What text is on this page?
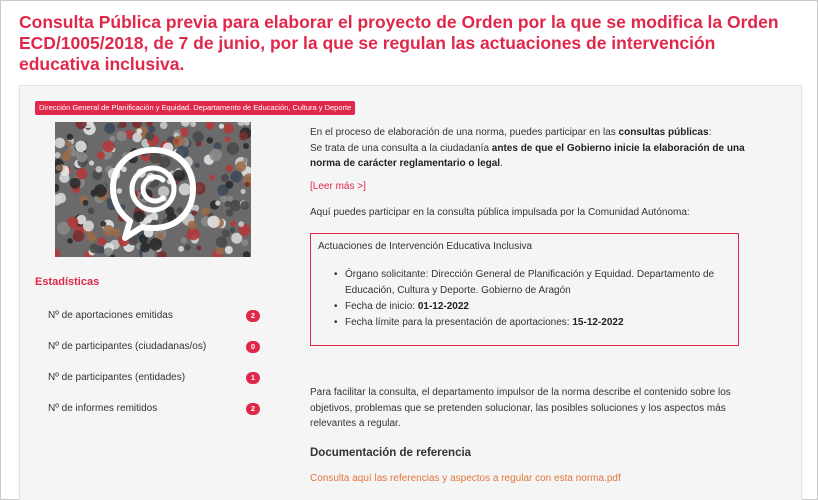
Consulta Pública previa para elaborar el proyecto de Orden por la que se modifica la Orden ECD/1005/2018, de 7 de junio, por la que se regulan las actuaciones de intervención educativa inclusiva.
Dirección General de Planificación y Equidad. Departamento de Educación, Cultura y Deporte
Estadísticas
Nº de aportaciones emitidas	2
Nº de participantes (ciudadanas/os)	0
Nº de participantes (entidades)	1
Nº de informes remitidos	2
En el proceso de elaboración de una norma, puedes participar en las consultas públicas:
Se trata de una consulta a la ciudadanía antes de que el Gobierno inicie la elaboración de una norma de carácter reglamentario o legal.
[Leer más >]
Aquí puedes participar en la consulta pública impulsada por la Comunidad Autónoma:
Actuaciones de Intervención Educativa Inclusiva
• Órgano solicitante: Dirección General de Planificación y Equidad. Departamento de Educación, Cultura y Deporte. Gobierno de Aragón
• Fecha de inicio: 01-12-2022
• Fecha límite para la presentación de aportaciones: 15-12-2022
Para facilitar la consulta, el departamento impulsor de la norma describe el contenido sobre los objetivos, problemas que se pretenden solucionar, las posibles soluciones y los aspectos más relevantes a regular.
Documentación de referencia
Consulta aquí las referencias y aspectos a regular con esta norma.pdf
